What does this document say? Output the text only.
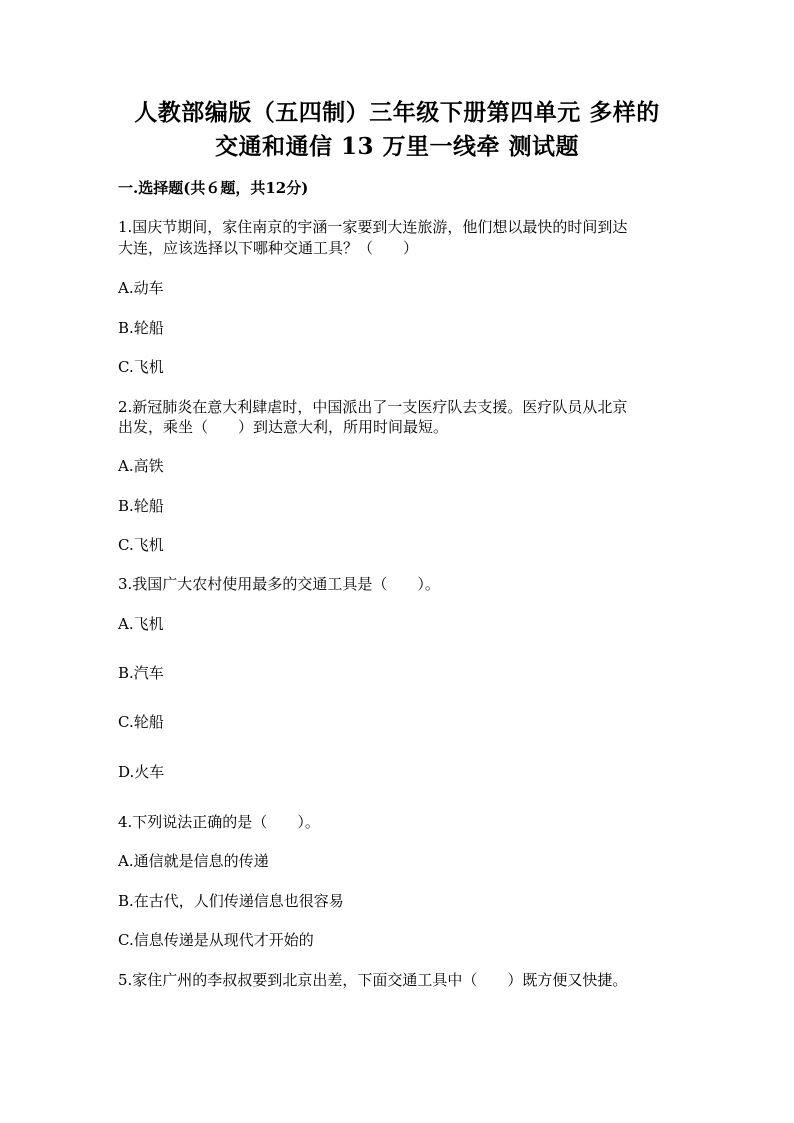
人教部编版（五四制）三年级下册第四单元 多样的
交通和通信 13 万里一线牵 测试题
一.选择题(共６题，共12分)
1.国庆节期间，家住南京的宇涵一家要到大连旅游，他们想以最快的时间到达
大连，应该选择以下哪种交通工具？（　　）
A.动车
B.轮船
C.飞机
2.新冠肺炎在意大利肆虐时，中国派出了一支医疗队去支援。医疗队员从北京
出发，乘坐（　　）到达意大利，所用时间最短。
A.高铁
B.轮船
C.飞机
3.我国广大农村使用最多的交通工具是（　　）。
A.飞机
B.汽车
C.轮船
D.火车
4.下列说法正确的是（　　）。
A.通信就是信息的传递
B.在古代，人们传递信息也很容易
C.信息传递是从现代才开始的
5.家住广州的李叔叔要到北京出差，下面交通工具中（　　）既方便又快捷。
